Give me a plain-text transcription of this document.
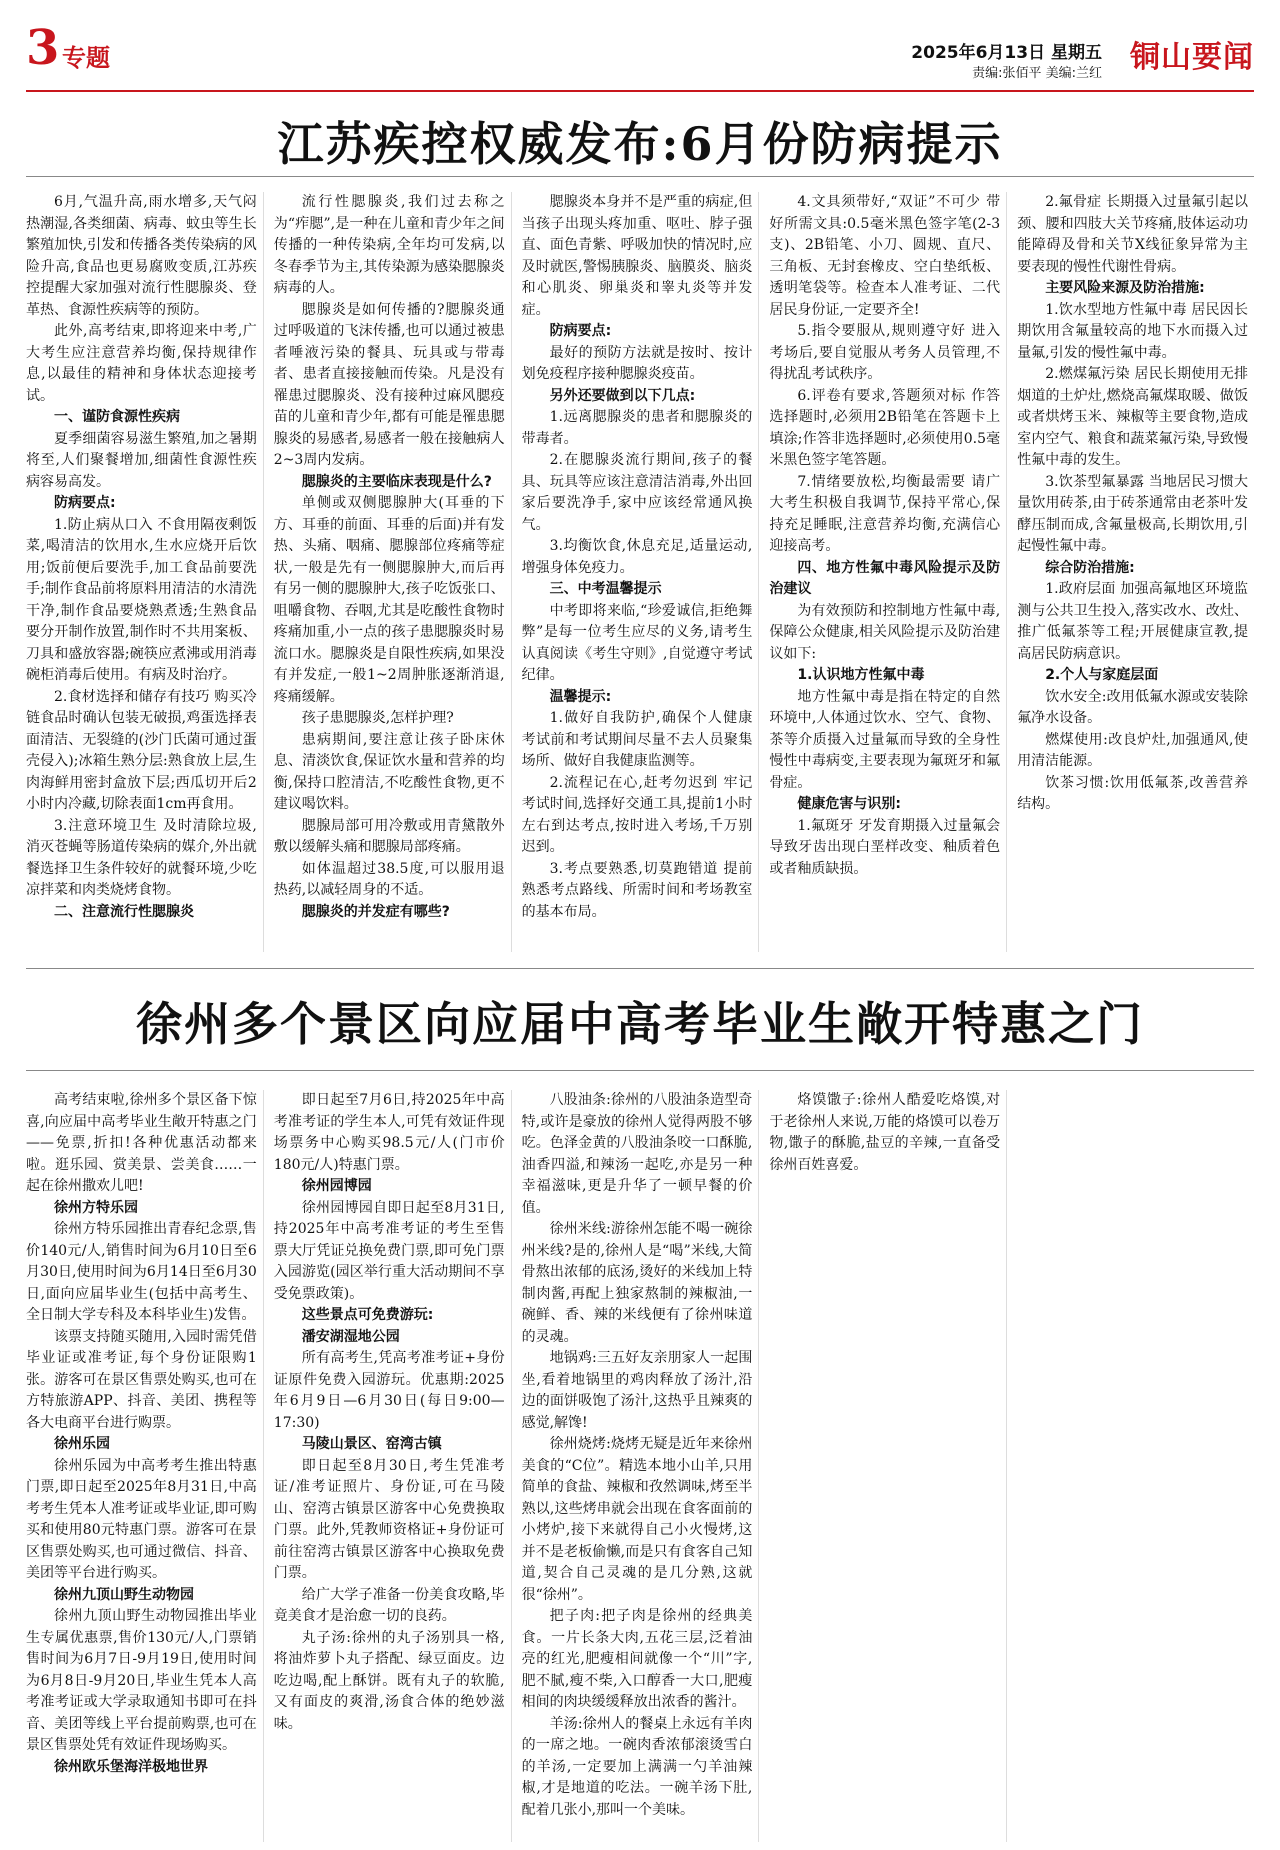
3 专题	2025年6月13日 星期五
责编:张佰平 美编:兰红 铜山要闻
江苏疾控权威发布:6月份防病提示

6月,气温升高,雨水增多,天气闷热潮湿,各类细菌、病毒、蚊虫等生长繁殖加快,引发和传播各类传染病的风险升高,食品也更易腐败变质,江苏疾控提醒大家加强对流行性腮腺炎、登革热、食源性疾病等的预防。

此外,高考结束,即将迎来中考,广大考生应注意营养均衡,保持规律作息,以最佳的精神和身体状态迎接考试。

一、谨防食源性疾病

夏季细菌容易滋生繁殖,加之暑期将至,人们聚餐增加,细菌性食源性疾病容易高发。

防病要点:

1.防止病从口入 不食用隔夜剩饭菜,喝清洁的饮用水,生水应烧开后饮用;饭前便后要洗手,加工食品前要洗手;制作食品前将原料用清洁的水清洗干净,制作食品要烧熟煮透;生熟食品要分开制作放置,制作时不共用案板、刀具和盛放容器;碗筷应煮沸或用消毒碗柜消毒后使用。有病及时治疗。

2.食材选择和储存有技巧 购买冷链食品时确认包装无破损,鸡蛋选择表面清洁、无裂缝的(沙门氏菌可通过蛋壳侵入);冰箱生熟分层:熟食放上层,生肉海鲜用密封盒放下层;西瓜切开后2小时内冷藏,切除表面1cm再食用。

3.注意环境卫生 及时清除垃圾,消灭苍蝇等肠道传染病的媒介,外出就餐选择卫生条件较好的就餐环境,少吃凉拌菜和肉类烧烤食物。

二、注意流行性腮腺炎

流行性腮腺炎,我们过去称之为“痄腮”,是一种在儿童和青少年之间传播的一种传染病,全年均可发病,以冬春季节为主,其传染源为感染腮腺炎病毒的人。

腮腺炎是如何传播的?腮腺炎通过呼吸道的飞沫传播,也可以通过被患者唾液污染的餐具、玩具或与带毒者、患者直接接触而传染。凡是没有罹患过腮腺炎、没有接种过麻风腮疫苗的儿童和青少年,都有可能是罹患腮腺炎的易感者,易感者一般在接触病人2~3周内发病。

腮腺炎的主要临床表现是什么?

单侧或双侧腮腺肿大(耳垂的下方、耳垂的前面、耳垂的后面)并有发热、头痛、咽痛、腮腺部位疼痛等症状,一般是先有一侧腮腺肿大,而后再有另一侧的腮腺肿大,孩子吃饭张口、咀嚼食物、吞咽,尤其是吃酸性食物时疼痛加重,小一点的孩子患腮腺炎时易流口水。腮腺炎是自限性疾病,如果没有并发症,一般1~2周肿胀逐渐消退,疼痛缓解。

孩子患腮腺炎,怎样护理?

患病期间,要注意让孩子卧床休息、清淡饮食,保证饮水量和营养的均衡,保持口腔清洁,不吃酸性食物,更不建议喝饮料。

腮腺局部可用冷敷或用青黛散外敷以缓解头痛和腮腺局部疼痛。

如体温超过38.5度,可以服用退热药,以减轻周身的不适。

腮腺炎的并发症有哪些?

腮腺炎本身并不是严重的病症,但当孩子出现头疼加重、呕吐、脖子强直、面色青紫、呼吸加快的情况时,应及时就医,警惕胰腺炎、脑膜炎、脑炎和心肌炎、卵巢炎和睾丸炎等并发症。

防病要点:

最好的预防方法就是按时、按计划免疫程序接种腮腺炎疫苗。

另外还要做到以下几点:

1.远离腮腺炎的患者和腮腺炎的带毒者。

2.在腮腺炎流行期间,孩子的餐具、玩具等应该注意清洁消毒,外出回家后要洗净手,家中应该经常通风换气。

3.均衡饮食,休息充足,适量运动,增强身体免疫力。

三、中考温馨提示

中考即将来临,“珍爱诚信,拒绝舞弊”是每一位考生应尽的义务,请考生认真阅读《考生守则》,自觉遵守考试纪律。

温馨提示:

1.做好自我防护,确保个人健康 考试前和考试期间尽量不去人员聚集场所、做好自我健康监测等。

2.流程记在心,赶考勿迟到 牢记考试时间,选择好交通工具,提前1小时左右到达考点,按时进入考场,千万别迟到。

3.考点要熟悉,切莫跑错道 提前熟悉考点路线、所需时间和考场教室的基本布局。

4.文具须带好,“双证”不可少 带好所需文具:0.5毫米黑色签字笔(2-3支)、2B铅笔、小刀、圆规、直尺、三角板、无封套橡皮、空白垫纸板、透明笔袋等。检查本人准考证、二代居民身份证,一定要齐全!

5.指令要服从,规则遵守好 进入考场后,要自觉服从考务人员管理,不得扰乱考试秩序。

6.评卷有要求,答题须对标 作答选择题时,必须用2B铅笔在答题卡上填涂;作答非选择题时,必须使用0.5毫米黑色签字笔答题。

7.情绪要放松,均衡最需要 请广大考生积极自我调节,保持平常心,保持充足睡眠,注意营养均衡,充满信心迎接高考。

四、地方性氟中毒风险提示及防治建议

为有效预防和控制地方性氟中毒,保障公众健康,相关风险提示及防治建议如下:

1.认识地方性氟中毒

地方性氟中毒是指在特定的自然环境中,人体通过饮水、空气、食物、茶等介质摄入过量氟而导致的全身性慢性中毒病变,主要表现为氟斑牙和氟骨症。

健康危害与识别:

1.氟斑牙 牙发育期摄入过量氟会导致牙齿出现白垩样改变、釉质着色或者釉质缺损。

2.氟骨症 长期摄入过量氟引起以颈、腰和四肢大关节疼痛,肢体运动功能障碍及骨和关节X线征象异常为主要表现的慢性代谢性骨病。

主要风险来源及防治措施:

1.饮水型地方性氟中毒 居民因长期饮用含氟量较高的地下水而摄入过量氟,引发的慢性氟中毒。

2.燃煤氟污染 居民长期使用无排烟道的土炉灶,燃烧高氟煤取暖、做饭或者烘烤玉米、辣椒等主要食物,造成室内空气、粮食和蔬菜氟污染,导致慢性氟中毒的发生。

3.饮茶型氟暴露 当地居民习惯大量饮用砖茶,由于砖茶通常由老茶叶发酵压制而成,含氟量极高,长期饮用,引起慢性氟中毒。

综合防治措施:

1.政府层面 加强高氟地区环境监测与公共卫生投入,落实改水、改灶、推广低氟茶等工程;开展健康宣教,提高居民防病意识。

2.个人与家庭层面

饮水安全:改用低氟水源或安装除氟净水设备。

燃煤使用:改良炉灶,加强通风,使用清洁能源。

饮茶习惯:饮用低氟茶,改善营养结构。

徐州多个景区向应届中高考毕业生敞开特惠之门

高考结束啦,徐州多个景区备下惊喜,向应届中高考毕业生敞开特惠之门——免票,折扣!各种优惠活动都来啦。逛乐园、赏美景、尝美食……一起在徐州撒欢儿吧!

徐州方特乐园

徐州方特乐园推出青春纪念票,售价140元/人,销售时间为6月10日至6月30日,使用时间为6月14日至6月30日,面向应届毕业生(包括中高考生、全日制大学专科及本科毕业生)发售。

该票支持随买随用,入园时需凭借毕业证或准考证,每个身份证限购1张。游客可在景区售票处购买,也可在方特旅游APP、抖音、美团、携程等各大电商平台进行购票。

徐州乐园

徐州乐园为中高考考生推出特惠门票,即日起至2025年8月31日,中高考考生凭本人准考证或毕业证,即可购买和使用80元特惠门票。游客可在景区售票处购买,也可通过微信、抖音、美团等平台进行购买。

徐州九顶山野生动物园

徐州九顶山野生动物园推出毕业生专属优惠票,售价130元/人,门票销售时间为6月7日-9月19日,使用时间为6月8日-9月20日,毕业生凭本人高考准考证或大学录取通知书即可在抖音、美团等线上平台提前购票,也可在景区售票处凭有效证件现场购买。

徐州欧乐堡海洋极地世界

即日起至7月6日,持2025年中高考准考证的学生本人,可凭有效证件现场票务中心购买98.5元/人(门市价180元/人)特惠门票。

徐州园博园

徐州园博园自即日起至8月31日,持2025年中高考准考证的考生至售票大厅凭证兑换免费门票,即可免门票入园游览(园区举行重大活动期间不享受免票政策)。

这些景点可免费游玩:

潘安湖湿地公园

所有高考生,凭高考准考证+身份证原件免费入园游玩。优惠期:2025年6月9日—6月30日(每日9:00—17:30)

马陵山景区、窑湾古镇

即日起至8月30日,考生凭准考证/准考证照片、身份证,可在马陵山、窑湾古镇景区游客中心免费换取门票。此外,凭教师资格证+身份证可前往窑湾古镇景区游客中心换取免费门票。

给广大学子准备一份美食攻略,毕竟美食才是治愈一切的良药。

丸子汤:徐州的丸子汤别具一格,将油炸萝卜丸子搭配、绿豆面皮。边吃边喝,配上酥饼。既有丸子的软脆,又有面皮的爽滑,汤食合体的绝妙滋味。

八股油条:徐州的八股油条造型奇特,或许是豪放的徐州人觉得两股不够吃。色泽金黄的八股油条咬一口酥脆,油香四溢,和辣汤一起吃,亦是另一种幸福滋味,更是升华了一顿早餐的价值。

徐州米线:游徐州怎能不喝一碗徐州米线?是的,徐州人是“喝”米线,大简骨熬出浓郁的底汤,烫好的米线加上特制肉酱,再配上独家熬制的辣椒油,一碗鲜、香、辣的米线便有了徐州味道的灵魂。

地锅鸡:三五好友亲朋家人一起围坐,看着地锅里的鸡肉释放了汤汁,沿边的面饼吸饱了汤汁,这热乎且辣爽的感觉,解馋!

徐州烧烤:烧烤无疑是近年来徐州美食的“C位”。精选本地小山羊,只用简单的食盐、辣椒和孜然调味,烤至半熟以,这些烤串就会出现在食客面前的小烤炉,接下来就得自己小火慢烤,这并不是老板偷懒,而是只有食客自己知道,契合自己灵魂的是几分熟,这就很“徐州”。

把子肉:把子肉是徐州的经典美食。一片长条大肉,五花三层,泛着油亮的红光,肥瘦相间就像一个“川”字,肥不腻,瘦不柴,入口醇香一大口,肥瘦相间的肉块缓缓释放出浓香的酱汁。

羊汤:徐州人的餐桌上永远有羊肉的一席之地。一碗肉香浓郁滚烫雪白的羊汤,一定要加上满满一勺羊油辣椒,才是地道的吃法。一碗羊汤下肚,配着几张小,那叫一个美味。

烙馍馓子:徐州人酷爱吃烙馍,对于老徐州人来说,万能的烙馍可以卷万物,馓子的酥脆,盐豆的辛辣,一直备受徐州百姓喜爱。
